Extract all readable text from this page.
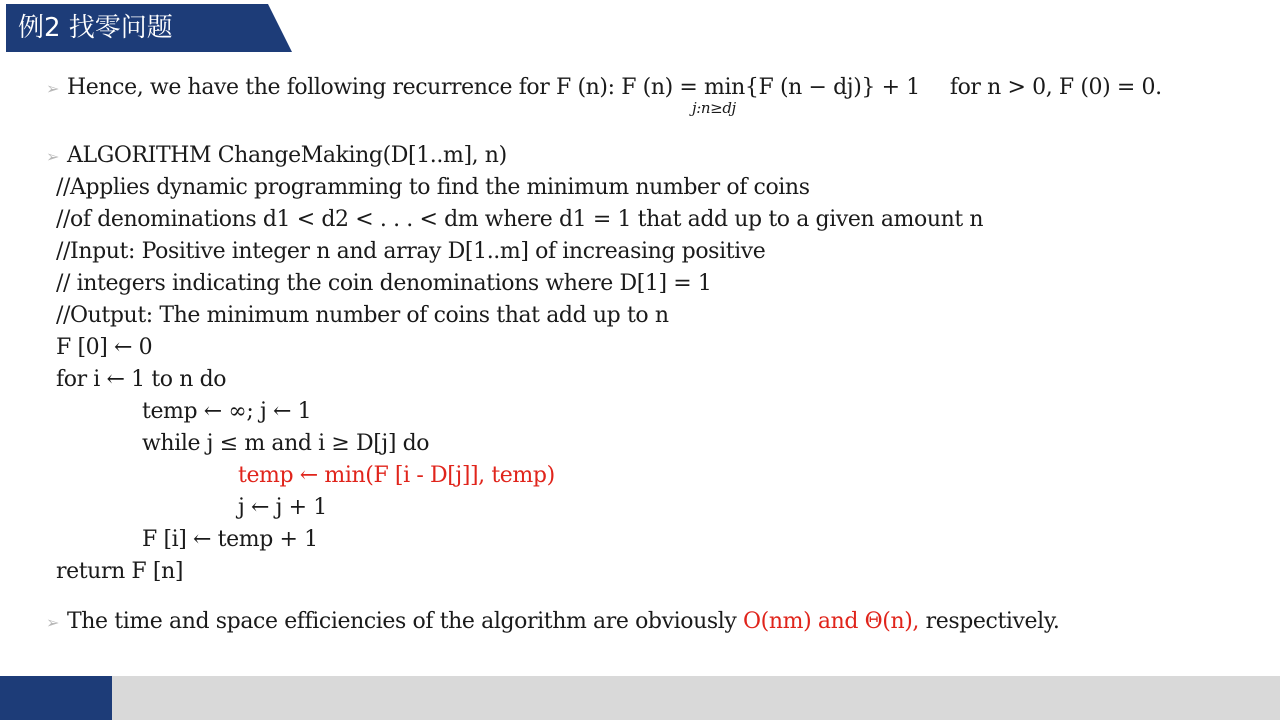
例2 找零问题
➢ Hence, we have the following recurrence for F (n): F (n) = min
j:n≥dj
{F (n − dj)} + 1 for n > 0, F (0) = 0.
➢ ALGORITHM ChangeMaking(D[1..m], n)
//Applies dynamic programming to find the minimum number of coins
//of denominations d1 < d2 < . . . < dm where d1 = 1 that add up to a given amount n
//Input: Positive integer n and array D[1..m] of increasing positive
// integers indicating the coin denominations where D[1] = 1
//Output: The minimum number of coins that add up to n
F [0] ← 0
for i ← 1 to n do
temp ← ∞; j ← 1
while j ≤ m and i ≥ D[j] do
temp ← min(F [i - D[j]], temp)
j ← j + 1
F [i] ← temp + 1
return F [n]
➢ The time and space efficiencies of the algorithm are obviously O(nm) and Θ(n), respectively.
